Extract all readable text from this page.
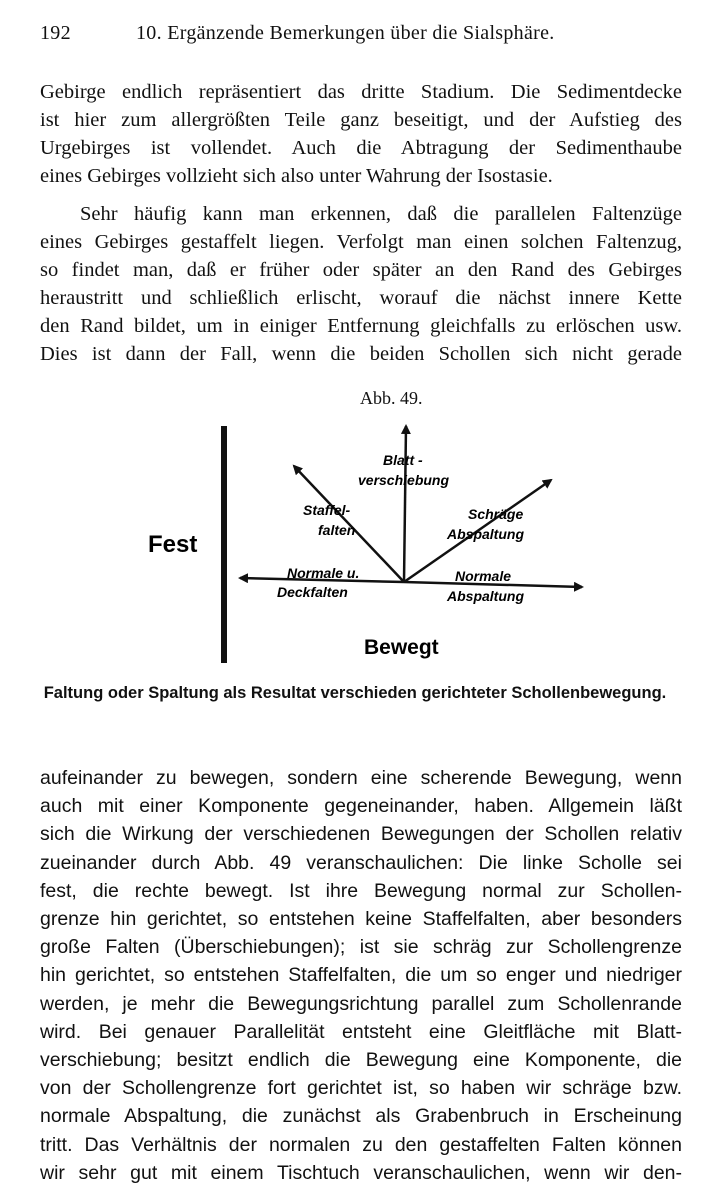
192	10. Ergänzende Bemerkungen über die Sialsphäre.
Gebirge endlich repräsentiert das dritte Stadium. Die Sedimentdecke
ist hier zum allergrößten Teile ganz beseitigt, und der Aufstieg des
Urgebirges ist vollendet. Auch die Abtragung der Sedimenthaube
eines Gebirges vollzieht sich also unter Wahrung der Isostasie.
Sehr häufig kann man erkennen, daß die parallelen Faltenzüge
eines Gebirges gestaffelt liegen. Verfolgt man einen solchen Faltenzug,
so findet man, daß er früher oder später an den Rand des Gebirges
heraustritt und schließlich erlischt, worauf die nächst innere Kette
den Rand bildet, um in einiger Entfernung gleichfalls zu erlöschen usw.
Dies ist dann der Fall, wenn die beiden Schollen sich nicht gerade
Abb. 49.
Fest
Bewegt
Blatt -
verschiebung
Staffel-
falten
Schräge
Abspaltung
Normale u.
Deckfalten
Normale
Abspaltung
Faltung oder Spaltung als Resultat verschieden gerichteter Schollenbewegung.
aufeinander zu bewegen, sondern eine scherende Bewegung, wenn
auch mit einer Komponente gegeneinander, haben. Allgemein läßt
sich die Wirkung der verschiedenen Bewegungen der Schollen relativ
zueinander durch Abb. 49 veranschaulichen: Die linke Scholle sei
fest, die rechte bewegt. Ist ihre Bewegung normal zur Schollen-
grenze hin gerichtet, so entstehen keine Staffelfalten, aber besonders
große Falten (Überschiebungen); ist sie schräg zur Schollengrenze
hin gerichtet, so entstehen Staffelfalten, die um so enger und niedriger
werden, je mehr die Bewegungsrichtung parallel zum Schollenrande
wird. Bei genauer Parallelität entsteht eine Gleitfläche mit Blatt-
verschiebung; besitzt endlich die Bewegung eine Komponente, die
von der Schollengrenze fort gerichtet ist, so haben wir schräge bzw.
normale Abspaltung, die zunächst als Grabenbruch in Erscheinung
tritt. Das Verhältnis der normalen zu den gestaffelten Falten können
wir sehr gut mit einem Tischtuch veranschaulichen, wenn wir den-
